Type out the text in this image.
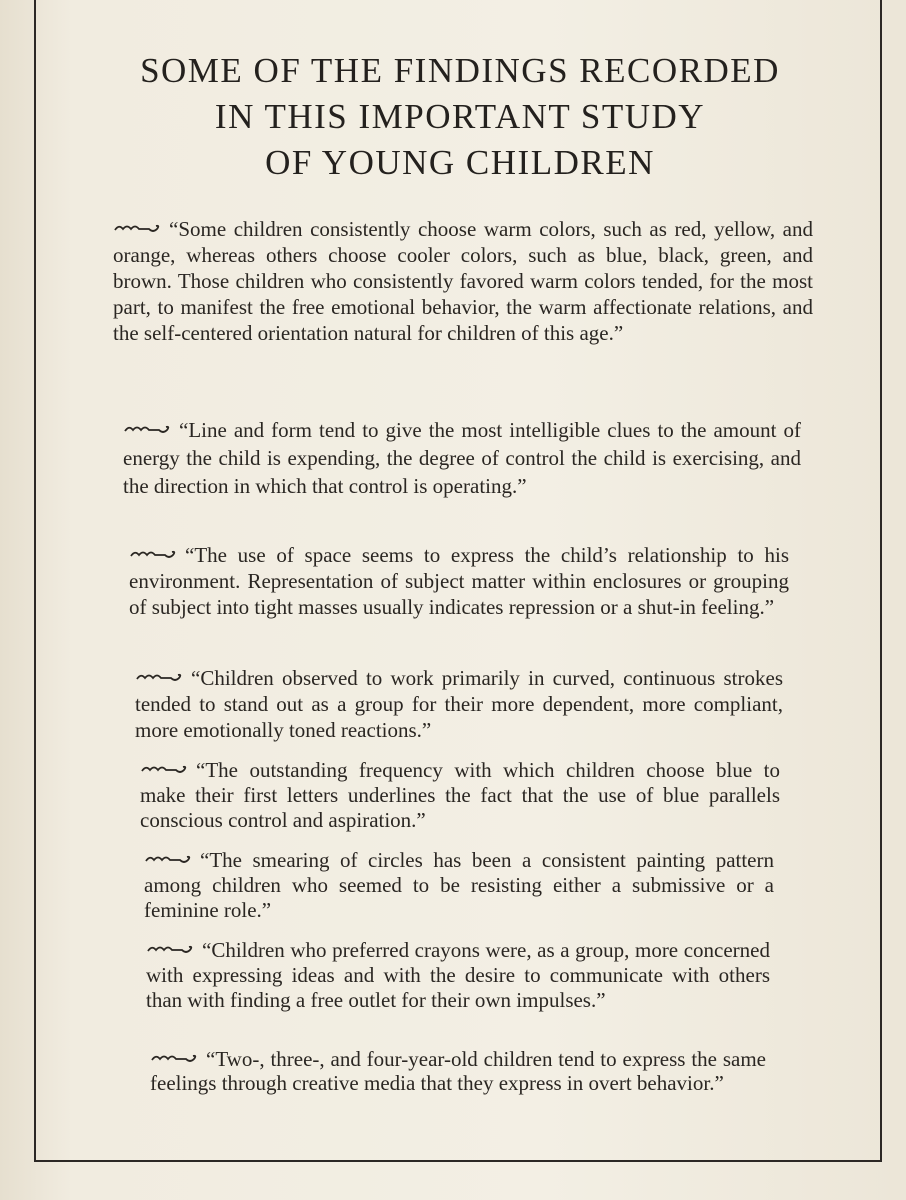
SOME OF THE FINDINGS RECORDED
IN THIS IMPORTANT STUDY
OF YOUNG CHILDREN

“Some children consistently choose warm colors, such as red, yellow, and orange, whereas others choose cooler colors, such as blue, black, green, and brown. Those children who consistently favored warm colors tended, for the most part, to manifest the free emotional behavior, the warm affectionate relations, and the self-centered orientation natural for children of this age.”

“Line and form tend to give the most intelligible clues to the amount of energy the child is expending, the degree of control the child is exercising, and the direction in which that control is operating.”

“The use of space seems to express the child’s relationship to his environment. Representation of subject matter within enclosures or grouping of subject into tight masses usually indicates repression or a shut-in feeling.”

“Children observed to work primarily in curved, continuous strokes tended to stand out as a group for their more dependent, more compliant, more emotionally toned reactions.”

“The outstanding frequency with which children choose blue to make their first letters underlines the fact that the use of blue parallels conscious control and aspiration.”

“The smearing of circles has been a consistent painting pattern among children who seemed to be resisting either a submissive or a feminine role.”

“Children who preferred crayons were, as a group, more concerned with expressing ideas and with the desire to communicate with others than with finding a free outlet for their own impulses.”

“Two-, three-, and four-year-old children tend to express the same feelings through creative media that they express in overt behavior.”
